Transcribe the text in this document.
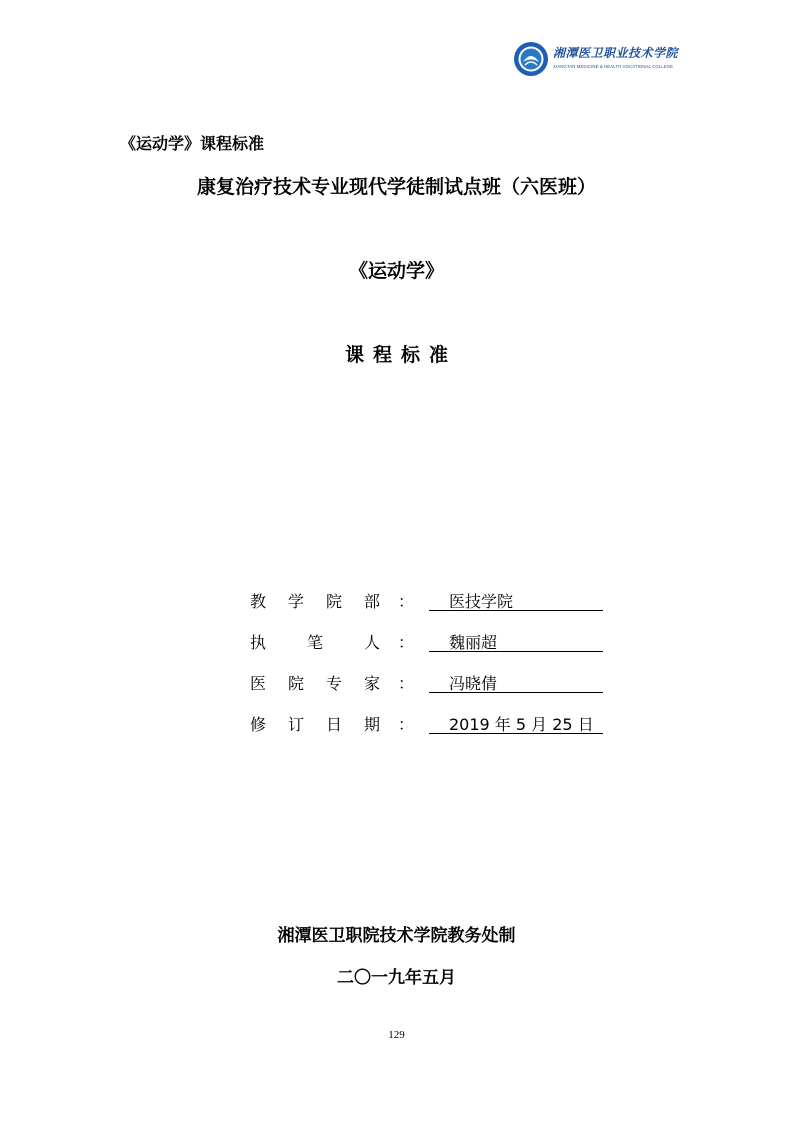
湘潭医卫职业技术学院
XIANGTAN MEDICINE & HEALTH VOCATIONAL COLLEGE
《运动学》课程标准
康复治疗技术专业现代学徒制试点班（六医班）
《运动学》
课程标准
教 学 院 部 ：	医技学院
执	笔	人 ：	魏丽超
医 院 专 家 ：	冯晓倩
修 订 日 期 ：	2019 年 5 月 25 日
湘潭医卫职院技术学院教务处制
二〇一九年五月
129
